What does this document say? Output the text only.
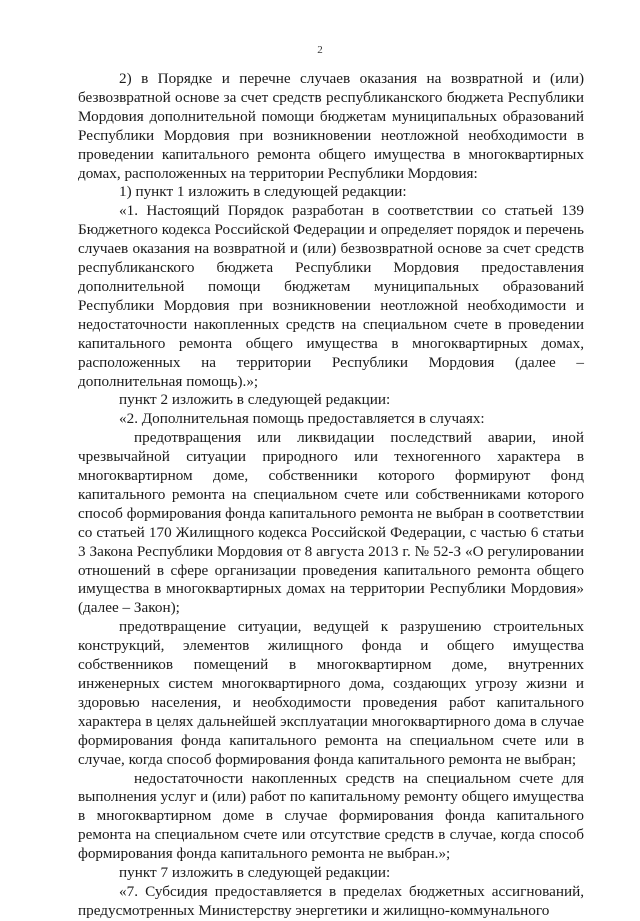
2

2) в Порядке и перечне случаев оказания на возвратной и (или) безвозвратной основе за счет средств республиканского бюджета Республики Мордовия дополнительной помощи бюджетам муниципальных образований Республики Мордовия при возникновении неотложной необходимости в проведении капитального ремонта общего имущества в многоквартирных домах, расположенных на территории Республики Мордовия:

1) пункт 1 изложить в следующей редакции:

«1. Настоящий Порядок разработан в соответствии со статьей 139 Бюджетного кодекса Российской Федерации и определяет порядок и перечень случаев оказания на возвратной и (или) безвозвратной основе за счет средств республиканского бюджета Республики Мордовия предоставления дополнительной помощи бюджетам муниципальных образований Республики Мордовия при возникновении неотложной необходимости и недостаточности накопленных средств на специальном счете в проведении капитального ремонта общего имущества в многоквартирных домах, расположенных на территории Республики Мордовия (далее – дополнительная помощь).»;

пункт 2 изложить в следующей редакции:

«2. Дополнительная помощь предоставляется в случаях:

предотвращения или ликвидации последствий аварии, иной чрезвычайной ситуации природного или техногенного характера в многоквартирном доме, собственники которого формируют фонд капитального ремонта на специальном счете или собственниками которого способ формирования фонда капитального ремонта не выбран в соответствии со статьей 170 Жилищного кодекса Российской Федерации, с частью 6 статьи 3 Закона Республики Мордовия от 8 августа 2013 г. № 52-З «О регулировании отношений в сфере организации проведения капитального ремонта общего имущества в многоквартирных домах на территории Республики Мордовия» (далее – Закон);

предотвращение ситуации, ведущей к разрушению строительных конструкций, элементов жилищного фонда и общего имущества собственников помещений в многоквартирном доме, внутренних инженерных систем многоквартирного дома, создающих угрозу жизни и здоровью населения, и необходимости проведения работ капитального характера в целях дальнейшей эксплуатации многоквартирного дома в случае формирования фонда капитального ремонта на специальном счете или в случае, когда способ формирования фонда капитального ремонта не выбран;

недостаточности накопленных средств на специальном счете для выполнения услуг и (или) работ по капитальному ремонту общего имущества в многоквартирном доме в случае формирования фонда капитального ремонта на специальном счете или отсутствие средств в случае, когда способ формирования фонда капитального ремонта не выбран.»;

пункт 7 изложить в следующей редакции:

«7. Субсидия предоставляется в пределах бюджетных ассигнований, предусмотренных Министерству энергетики и жилищно-коммунального
